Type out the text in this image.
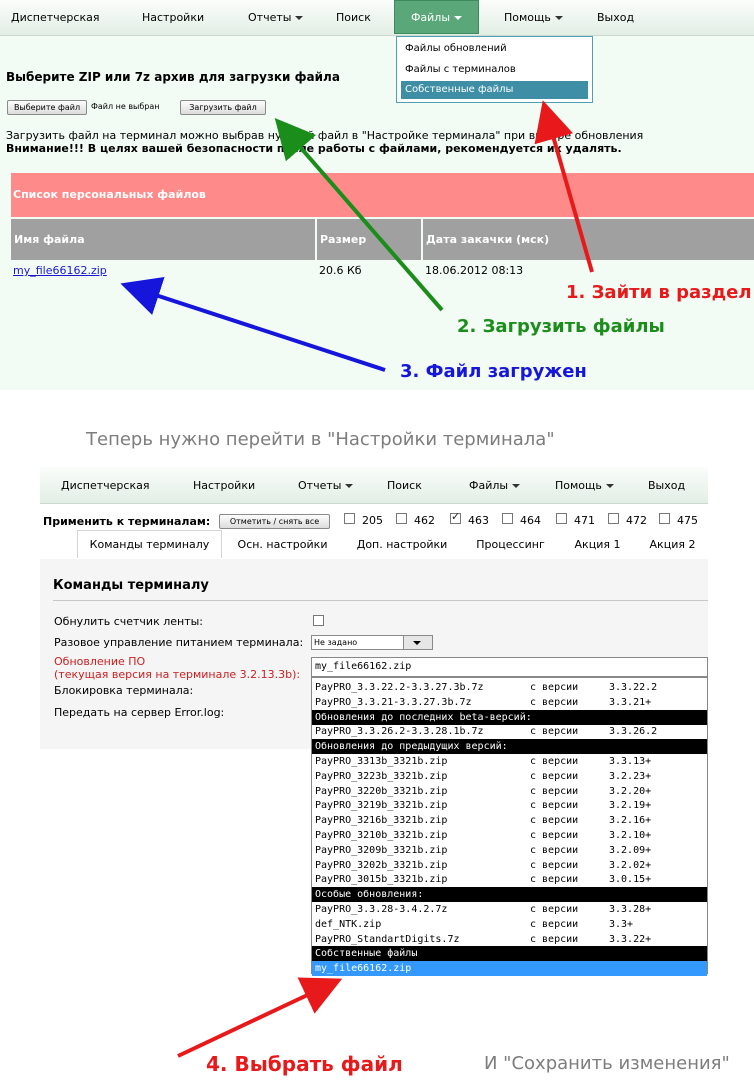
Диспетчерская	Настройки	Отчеты	Поиск	Файлы	Помощь	Выход
Файлы обновлений
Файлы с терминалов
Собственные файлы
Выберите ZIP или 7z архив для загрузки файла
Выберите файл	Файл не выбран	Загрузить файл
Загрузить файл на терминал можно выбрав нужный файл в "Настройке терминала" при выборе обновления
Внимание!!! В целях вашей безопасности после работы с файлами, рекомендуется их удалять.
Список персональных файлов
Имя файла	Размер	Дата закачки (мск)
my_file66162.zip	20.6 Кб	18.06.2012 08:13
1. Зайти в раздел
2. Загрузить файлы
3. Файл загружен
Теперь нужно перейти в "Настройки терминала"
Диспетчерская	Настройки	Отчеты	Поиск	Файлы	Помощь	Выход
Применить к терминалам:	Отметить / снять все	205	462 ✓ 463	464	471	472	475
Команды терминалу	Осн. настройки	Доп. настройки	Процессинг	Акция 1	Акция 2
Команды терминалу
Обнулить счетчик ленты:
Разовое управление питанием терминала:	Не задано
Обновление ПО
(текущая версия на терминале 3.2.13.3b):
my_file66162.zip
Блокировка терминала:
Передать на сервер Error.log:
PayPRO_3.3.22.2-3.3.27.3b.7z	с версии	3.3.22.2
PayPRO_3.3.21-3.3.27.3b.7z	с версии	3.3.21+
Обновления до последних beta-версий:
PayPRO_3.3.26.2-3.3.28.1b.7z	с версии	3.3.26.2
Обновления до предыдущих версий:
PayPRO_3313b_3321b.zip	с версии	3.3.13+
PayPRO_3223b_3321b.zip	с версии	3.2.23+
PayPRO_3220b_3321b.zip	с версии	3.2.20+
PayPRO_3219b_3321b.zip	с версии	3.2.19+
PayPRO_3216b_3321b.zip	с версии	3.2.16+
PayPRO_3210b_3321b.zip	с версии	3.2.10+
PayPRO_3209b_3321b.zip	с версии	3.2.09+
PayPRO_3202b_3321b.zip	с версии	3.2.02+
PayPRO_3015b_3321b.zip	с версии	3.0.15+
Особые обновления:
PayPRO_3.3.28-3.4.2.7z	с версии	3.3.28+
def_NTK.zip	с версии	3.3+
PayPRO_StandartDigits.7z	с версии	3.3.22+
Собственные файлы
my_file66162.zip
4. Выбрать файл	И "Сохранить изменения"
